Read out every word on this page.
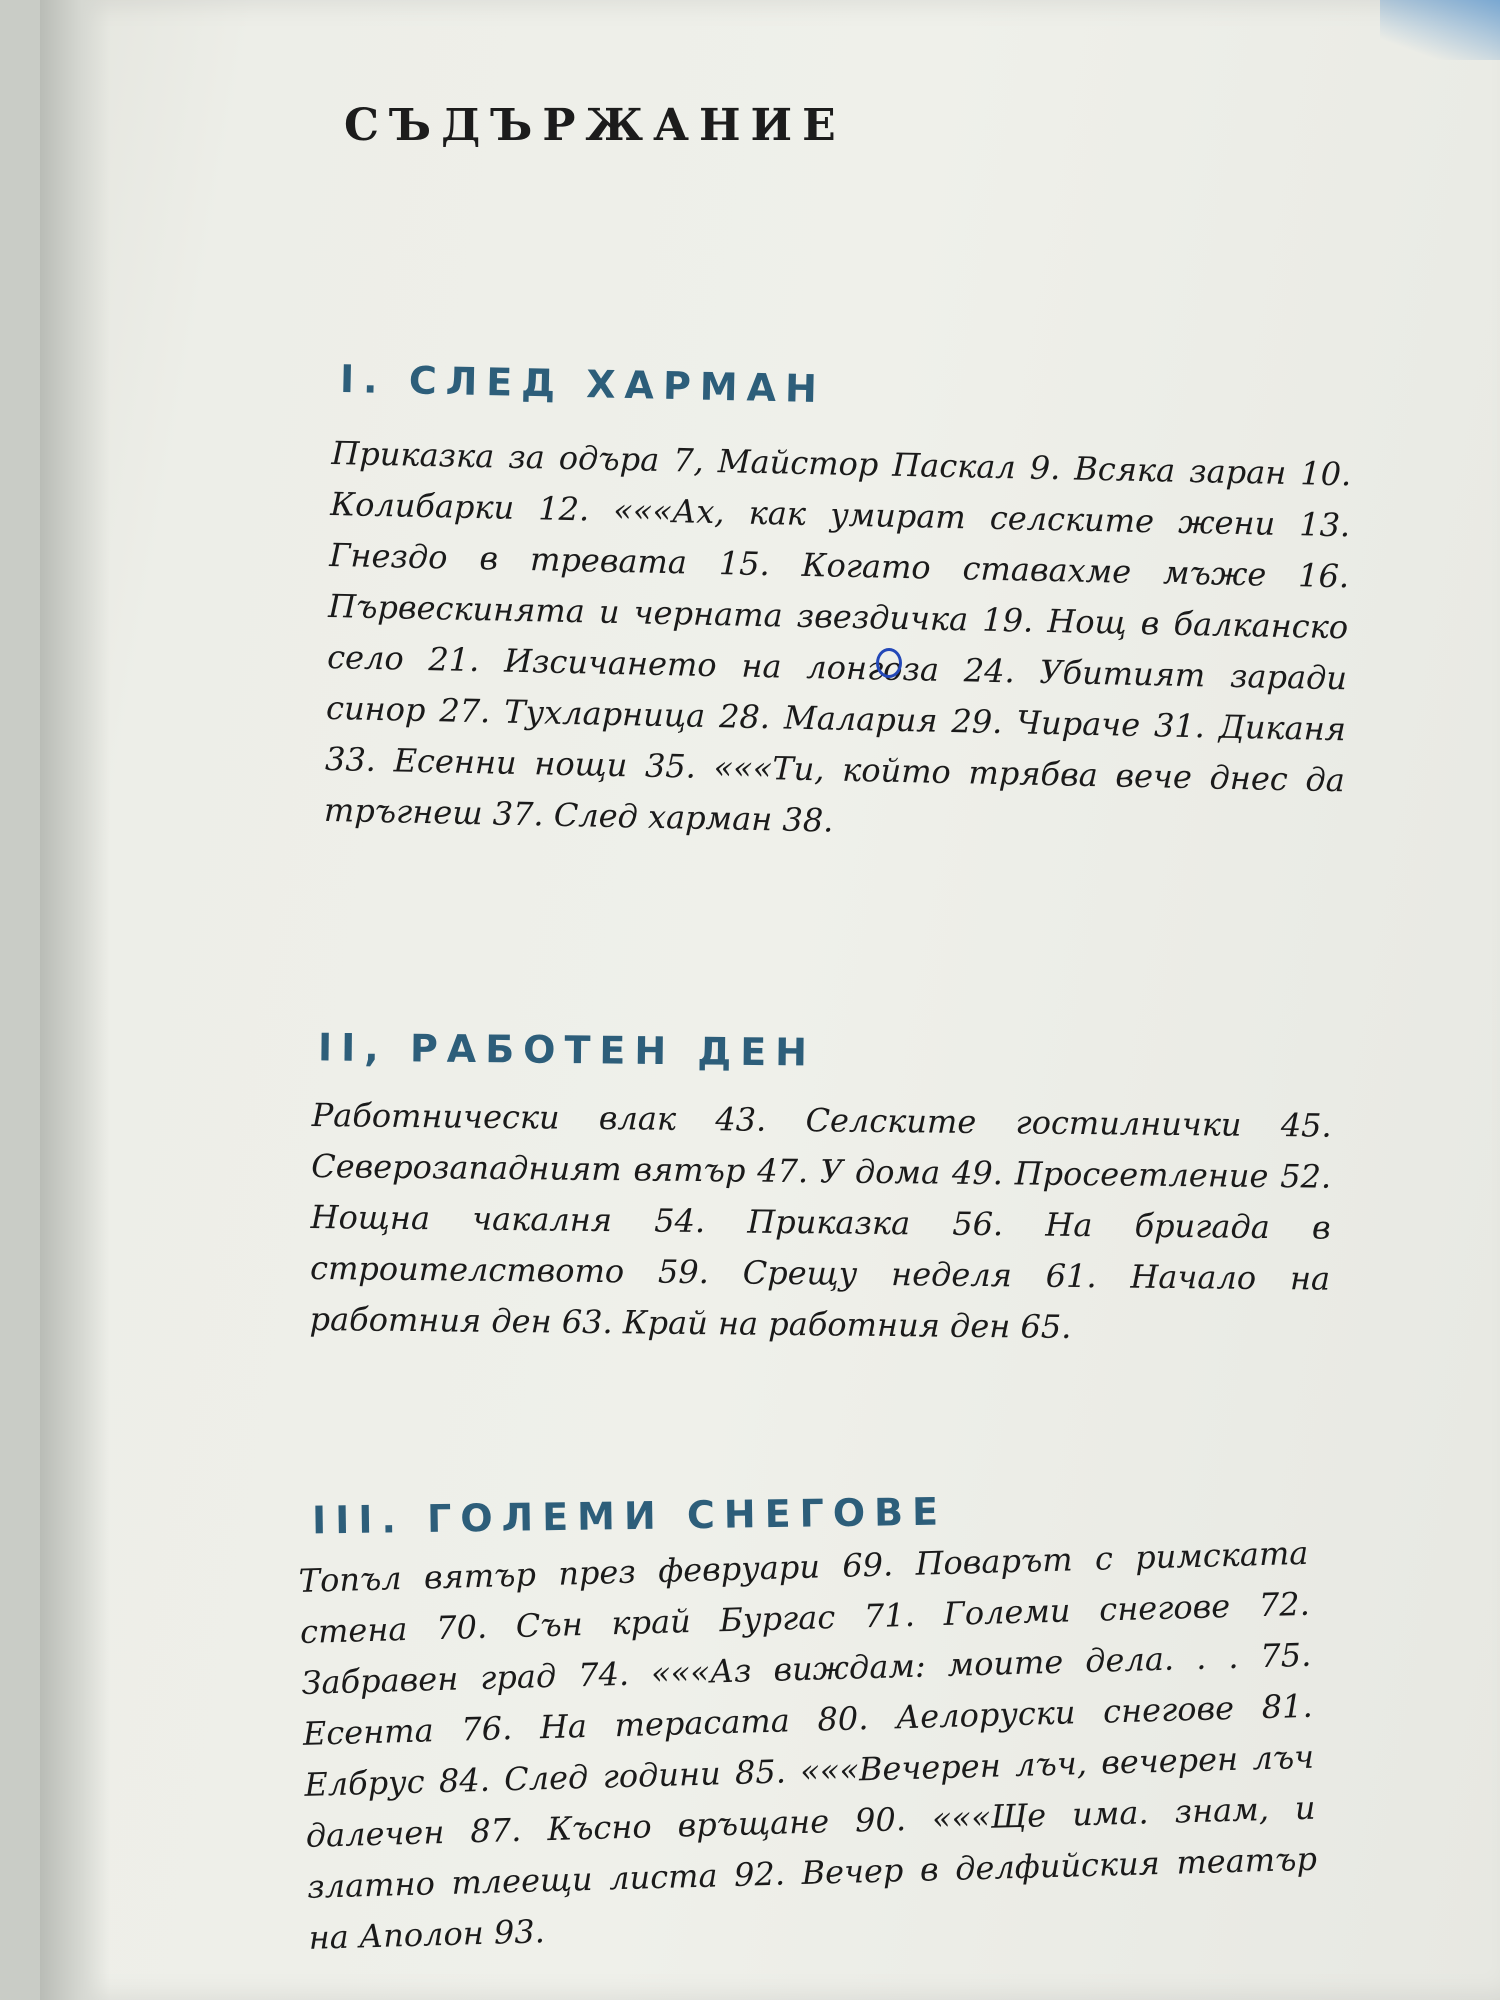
СЪДЪРЖАНИЕ
I. СЛЕД ХАРМАН
Приказка за одъра 7, Майстор Паскал 9. Всяка заран 10. Колибарки 12. «««Ах, как умират селските жени 13. Гнездо в тревата 15. Когато ставахме мъже 16. Първескинята и черната звездичка 19. Нощ в балканско село 21. Изсичането на лонгоза 24. Убитият заради синор 27. Тухларница 28. Малария 29. Чираче 31. Диканя 33. Есенни нощи 35. «««Ти, който трябва вече днес да тръгнеш 37. След харман 38.
II, РАБОТЕН ДЕН
Работнически влак 43. Селските гостилнички 45. Северозападният вятър 47. У дома 49. Просеетление 52. Нощна чакалня 54. Приказка 56. На бригада в строителството 59. Срещу неделя 61. Начало на работния ден 63. Край на работния ден 65.
III. ГОЛЕМИ СНЕГОВЕ
Топъл вятър през февруари 69. Поварът с римската стена 70. Сън край Бургас 71. Големи снегове 72. Забравен град 74. «««Аз виждам: моите дела. . . 75. Есента 76. На терасата 80. Аелоруски снегове 81. Елбрус 84. След години 85. «««Вечерен лъч, вечерен лъч далечен 87. Късно връщане 90. «««Ще има. знам, и златно тлеещи листа 92. Вечер в делфийския театър на Аполон 93.
